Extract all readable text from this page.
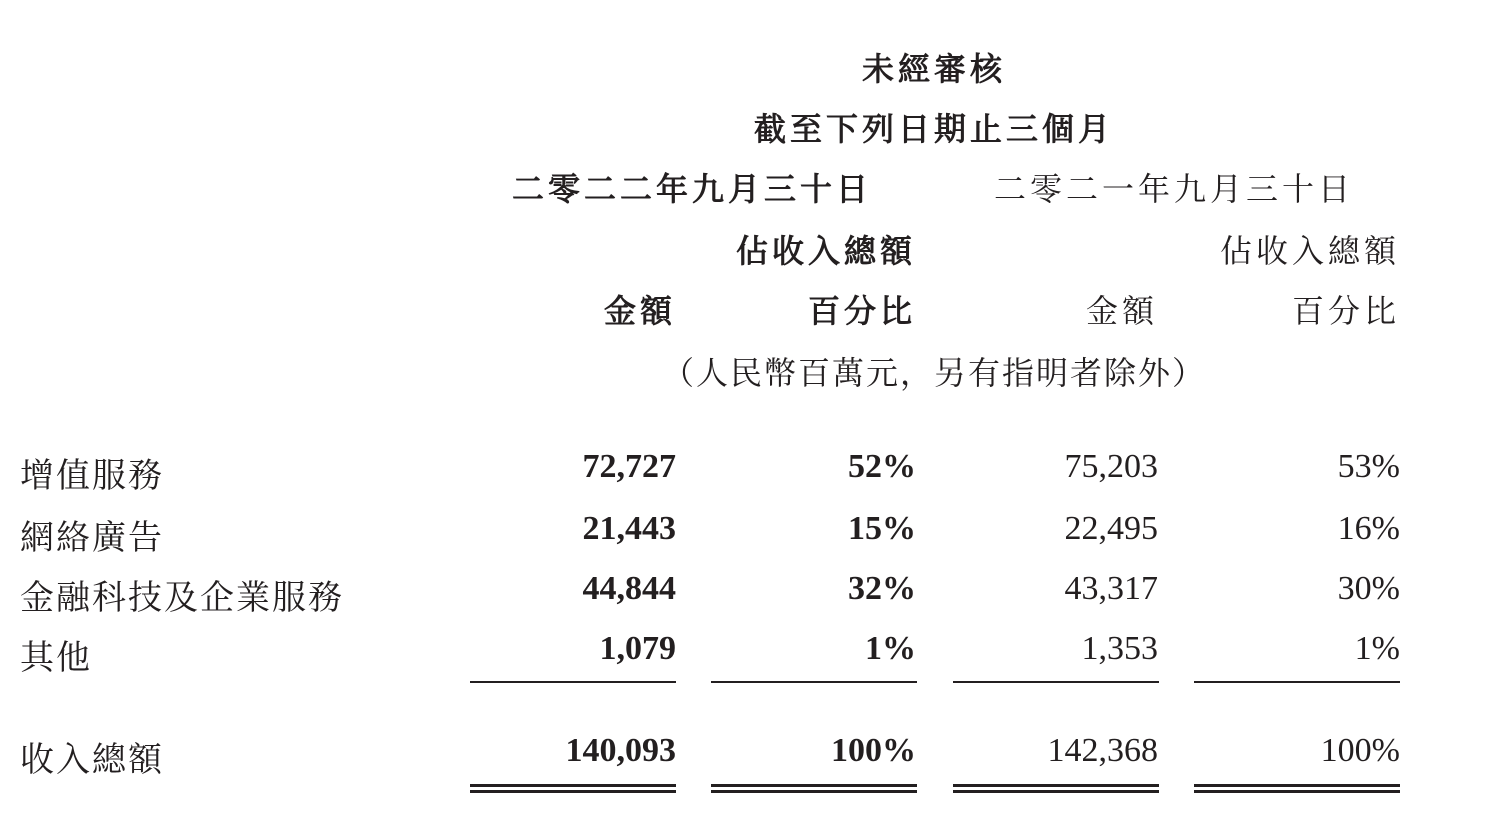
未經審核
截至下列日期止三個月
二零二二年九月三十日	二零二一年九月三十日
佔收入總額	佔收入總額
金額	百分比	金額	百分比
（人民幣百萬元，另有指明者除外）
增值服務	72,727	52%	75,203	53%
網絡廣告	21,443	15%	22,495	16%
金融科技及企業服務	44,844	32%	43,317	30%
其他	1,079	1%	1,353	1%
收入總額	140,093	100%	142,368	100%
